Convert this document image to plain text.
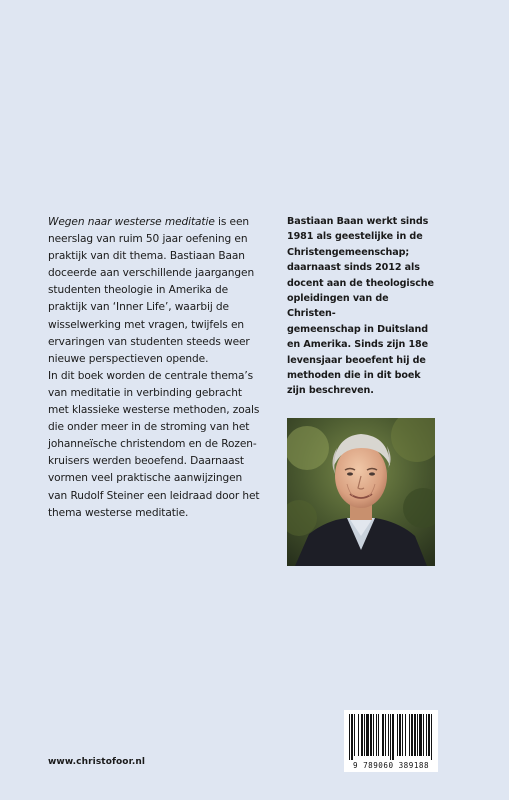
Wegen naar westerse meditatie is een

neerslag van ruim 50 jaar oefening en

praktijk van dit thema. Bastiaan Baan

doceerde aan verschillende jaargangen

studenten theologie in Amerika de

praktijk van ‘Inner Life’, waarbij de

wisselwerking met vragen, twijfels en

ervaringen van studenten steeds weer

nieuwe perspectieven opende.

In dit boek worden de centrale thema’s

van meditatie in verbinding gebracht

met klassieke westerse methoden, zoals

die onder meer in de stroming van het

johanneïsche christendom en de Rozen-

kruisers werden beoefend. Daarnaast

vormen veel praktische aanwijzingen

van Rudolf Steiner een leidraad door het

thema westerse meditatie.

Bastiaan Baan werkt sinds

1981 als geestelijke in de

Christengemeenschap;

daarnaast sinds 2012 als

docent aan de theologische

opleidingen van de Christen-

gemeenschap in Duitsland

en Amerika. Sinds zijn 18e

levensjaar beoefent hij de

methoden die in dit boek

zijn beschreven.

www.christofoor.nl	9 789060 389188
